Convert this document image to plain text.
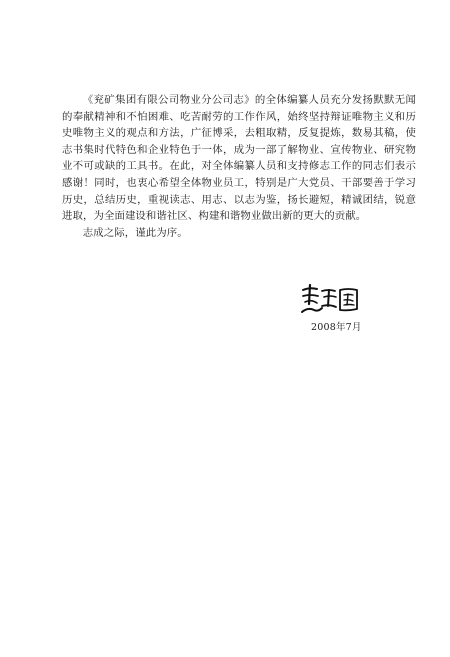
《兖矿集团有限公司物业分公司志》的全体编纂人员充分发扬默默无闻的奉献精神和不怕困难、吃苦耐劳的工作作风，始终坚持辩证唯物主义和历史唯物主义的观点和方法，广征博采，去粗取精，反复提炼，数易其稿，使志书集时代特色和企业特色于一体，成为一部了解物业、宣传物业、研究物业不可或缺的工具书。在此，对全体编纂人员和支持修志工作的同志们表示感谢！同时，也衷心希望全体物业员工，特别是广大党员、干部要善于学习历史，总结历史，重视读志、用志、以志为鉴，扬长避短，精诚团结，锐意进取，为全面建设和谐社区、构建和谐物业做出新的更大的贡献。

志成之际，谨此为序。

2008年7月
